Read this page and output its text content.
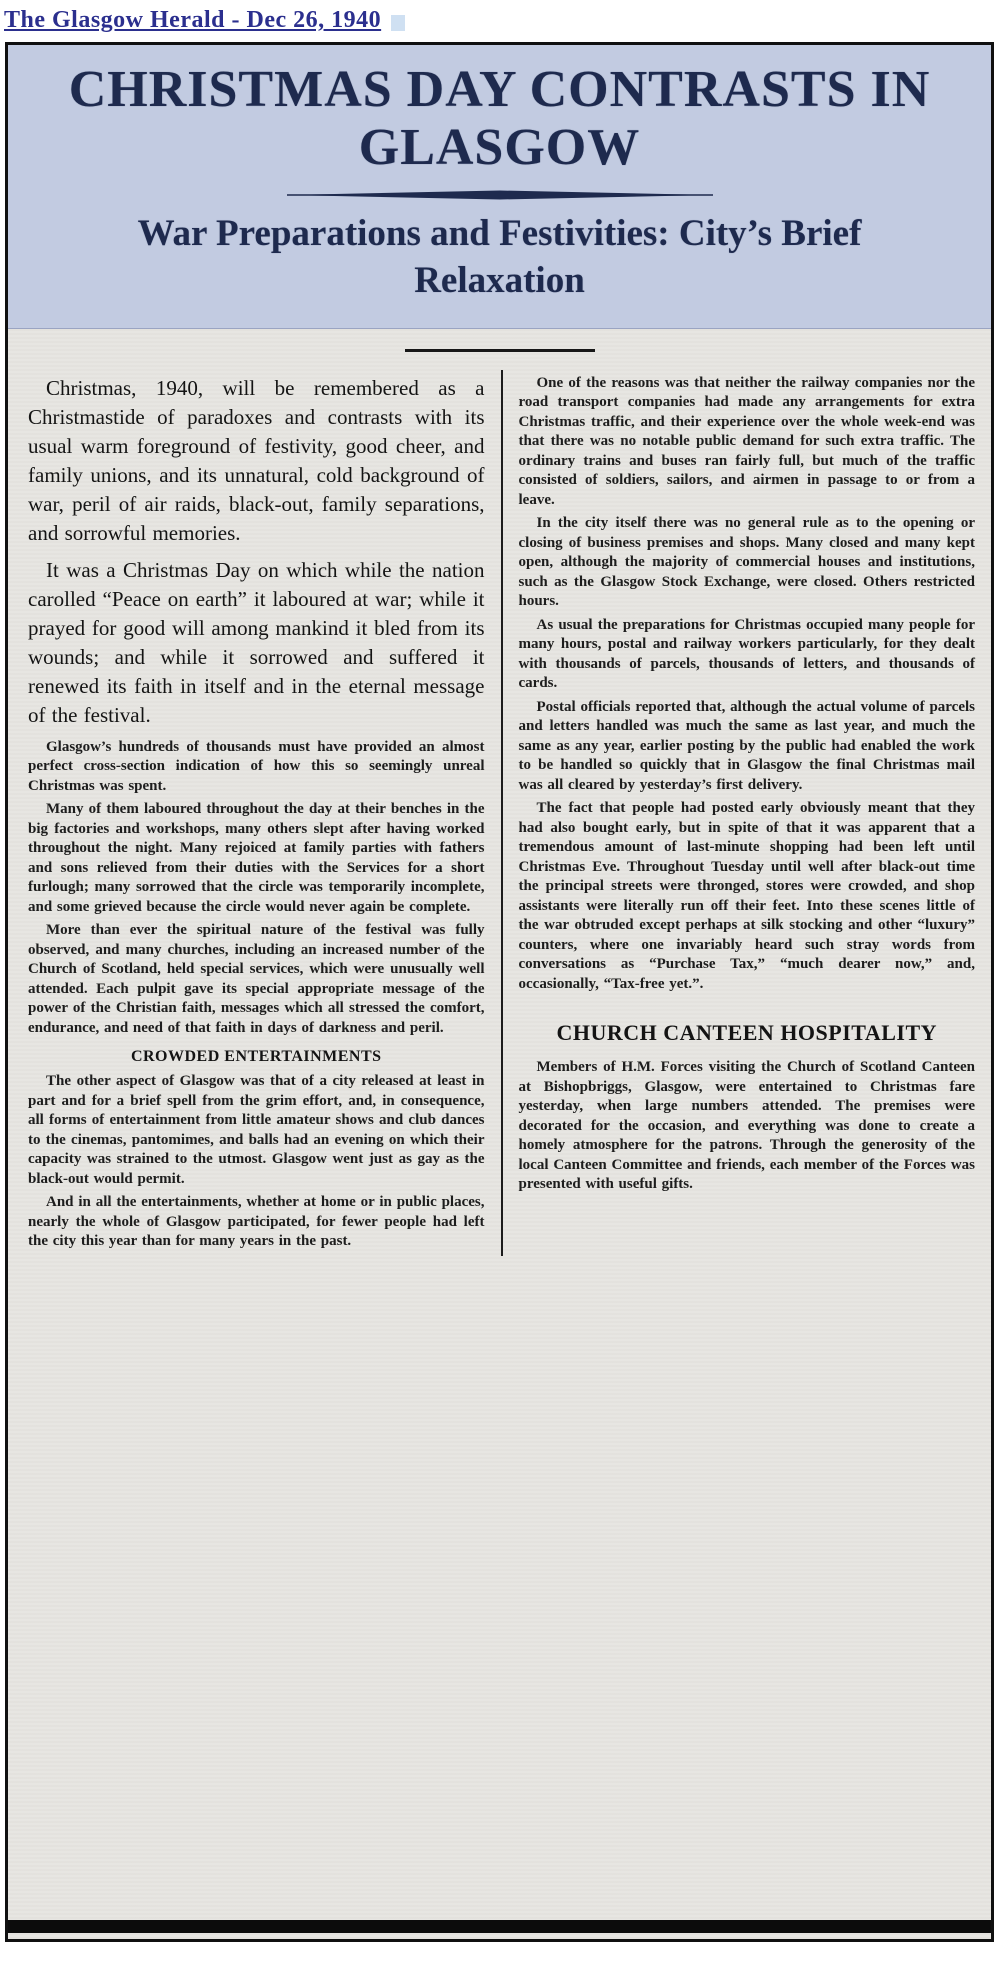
The Glasgow Herald - Dec 26, 1940
CHRISTMAS DAY CONTRASTS IN GLASGOW
War Preparations and Festivities: City’s Brief Relaxation

Christmas, 1940, will be remembered as a Christmastide of paradoxes and contrasts with its usual warm foreground of festivity, good cheer, and family unions, and its unnatural, cold background of war, peril of air raids, black-out, family separations, and sorrowful memories.

It was a Christmas Day on which while the nation carolled “Peace on earth” it laboured at war; while it prayed for good will among mankind it bled from its wounds; and while it sorrowed and suffered it renewed its faith in itself and in the eternal message of the festival.

Glasgow’s hundreds of thousands must have provided an almost perfect cross-section indication of how this so seemingly unreal Christmas was spent.

Many of them laboured throughout the day at their benches in the big factories and workshops, many others slept after having worked throughout the night. Many rejoiced at family parties with fathers and sons relieved from their duties with the Services for a short furlough; many sorrowed that the circle was temporarily incomplete, and some grieved because the circle would never again be complete.

More than ever the spiritual nature of the festival was fully observed, and many churches, including an increased number of the Church of Scotland, held special services, which were unusually well attended. Each pulpit gave its special appropriate message of the power of the Christian faith, messages which all stressed the comfort, endurance, and need of that faith in days of darkness and peril.

CROWDED ENTERTAINMENTS

The other aspect of Glasgow was that of a city released at least in part and for a brief spell from the grim effort, and, in consequence, all forms of entertainment from little amateur shows and club dances to the cinemas, pantomimes, and balls had an evening on which their capacity was strained to the utmost. Glasgow went just as gay as the black-out would permit.

And in all the entertainments, whether at home or in public places, nearly the whole of Glasgow participated, for fewer people had left the city this year than for many years in the past.

One of the reasons was that neither the railway companies nor the road transport companies had made any arrangements for extra Christmas traffic, and their experience over the whole week-end was that there was no notable public demand for such extra traffic. The ordinary trains and buses ran fairly full, but much of the traffic consisted of soldiers, sailors, and airmen in passage to or from a leave.

In the city itself there was no general rule as to the opening or closing of business premises and shops. Many closed and many kept open, although the majority of commercial houses and institutions, such as the Glasgow Stock Exchange, were closed. Others restricted hours.

As usual the preparations for Christmas occupied many people for many hours, postal and railway workers particularly, for they dealt with thousands of parcels, thousands of letters, and thousands of cards.

Postal officials reported that, although the actual volume of parcels and letters handled was much the same as last year, and much the same as any year, earlier posting by the public had enabled the work to be handled so quickly that in Glasgow the final Christmas mail was all cleared by yesterday’s first delivery.

The fact that people had posted early obviously meant that they had also bought early, but in spite of that it was apparent that a tremendous amount of last-minute shopping had been left until Christmas Eve. Throughout Tuesday until well after black-out time the principal streets were thronged, stores were crowded, and shop assistants were literally run off their feet. Into these scenes little of the war obtruded except perhaps at silk stocking and other “luxury” counters, where one invariably heard such stray words from conversations as “Purchase Tax,” “much dearer now,” and, occasionally, “Tax-free yet.”.

CHURCH CANTEEN HOSPITALITY

Members of H.M. Forces visiting the Church of Scotland Canteen at Bishopbriggs, Glasgow, were entertained to Christmas fare yesterday, when large numbers attended. The premises were decorated for the occasion, and everything was done to create a homely atmosphere for the patrons. Through the generosity of the local Canteen Committee and friends, each member of the Forces was presented with useful gifts.
